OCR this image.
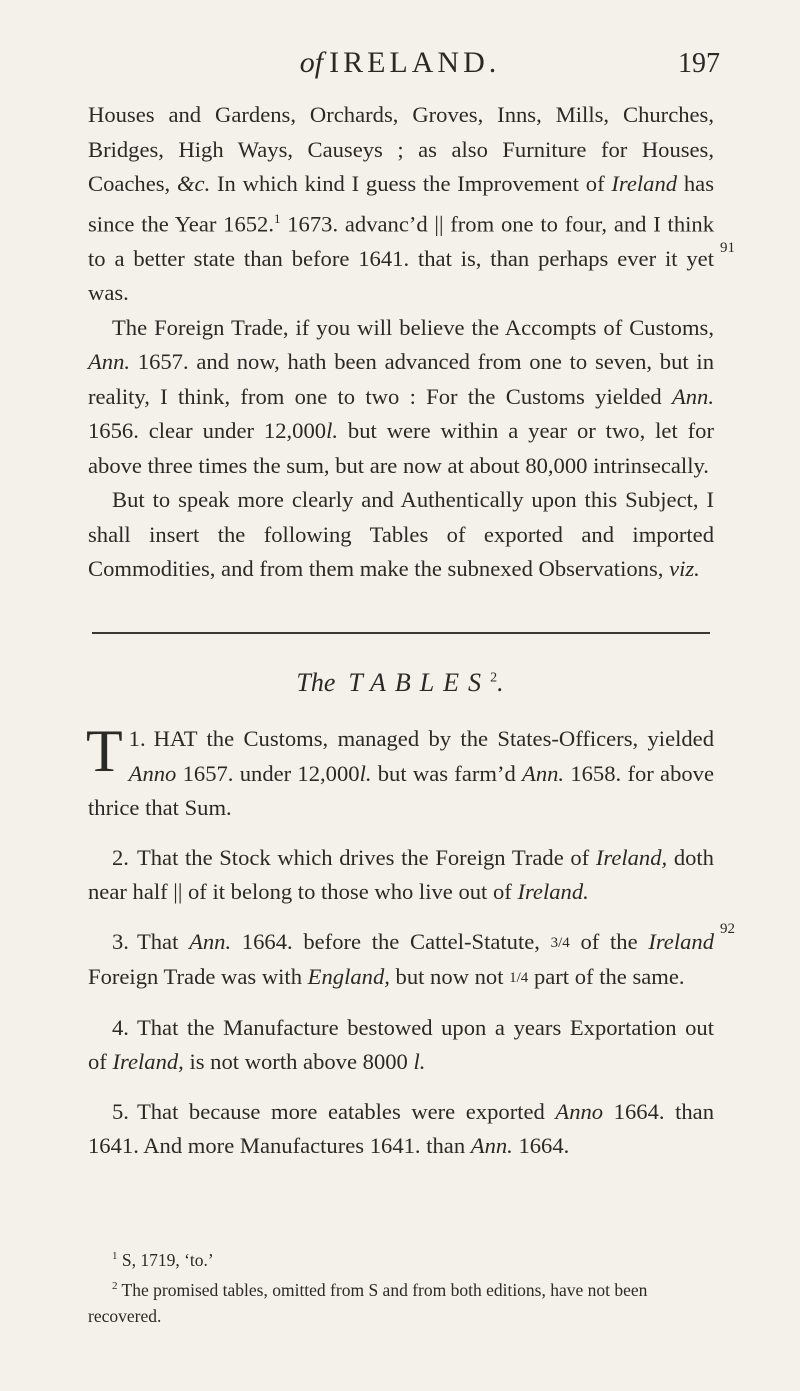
of IRELAND.	197

Houses and Gardens, Orchards, Groves, Inns, Mills, Churches, Bridges, High Ways, Causeys ; as also Furniture for Houses, Coaches, &c. In which kind I guess the Improvement of Ireland has since the Year 1652.$^1$ 1673. advanc’d || from one to four, and I think to a better state than before 1641. that is, than perhaps ever it yet was.

The Foreign Trade, if you will believe the Accompts of Customs, Ann. 1657. and now, hath been advanced from one to seven, but in reality, I think, from one to two : For the Customs yielded Ann. 1656. clear under 12,000l. but were within a year or two, let for above three times the sum, but are now at about 80,000 intrinsecally.

But to speak more clearly and Authentically upon this Subject, I shall insert the following Tables of exported and imported Commodities, and from them make the subnexed Observations, viz.

91
The TABLES$^2$.

1.
T HAT the Customs, managed by the States-Officers, yielded Anno 1657. under 12,000l. but was farm’d Ann. 1658. for above thrice that Sum.

2. That the Stock which drives the Foreign Trade of Ireland, doth near half || of it belong to those who live out of Ireland.

3. That Ann. 1664. before the Cattel-Statute, 3/4 of the Ireland Foreign Trade was with England, but now not 1/4 part of the same.

4. That the Manufacture bestowed upon a years Exportation out of Ireland, is not worth above 8000 l.

5. That because more eatables were exported Anno 1664. than 1641. And more Manufactures 1641. than Ann. 1664.

92

$^1$ S, 1719, ‘to.’

$^2$ The promised tables, omitted from S and from both editions, have not been recovered.
